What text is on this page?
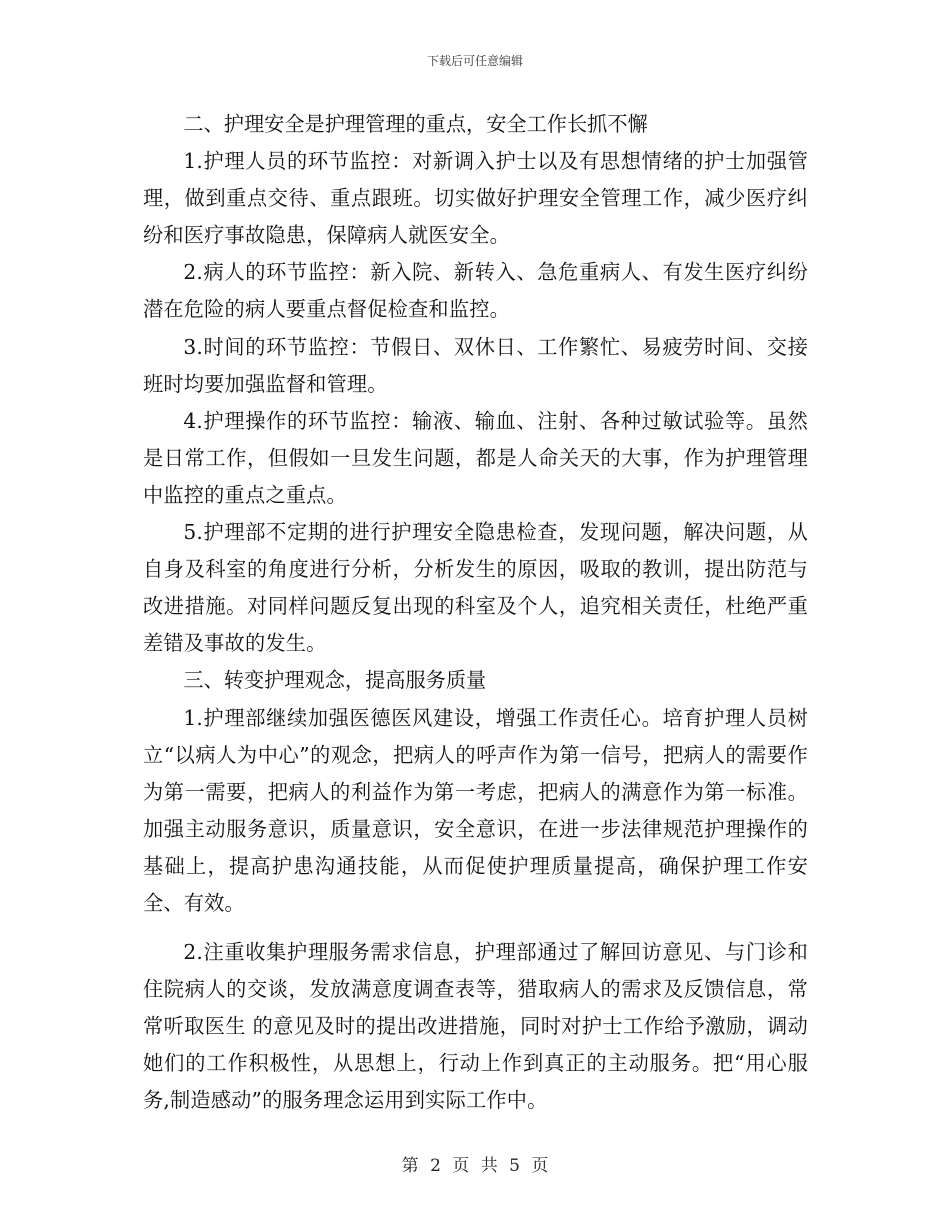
下载后可任意编辑

二、护理安全是护理管理的重点，安全工作长抓不懈

1.护理人员的环节监控：对新调入护士以及有思想情绪的护士加强管理，做到重点交待、重点跟班。切实做好护理安全管理工作，减少医疗纠纷和医疗事故隐患，保障病人就医安全。

2.病人的环节监控：新入院、新转入、急危重病人、有发生医疗纠纷潜在危险的病人要重点督促检查和监控。

3.时间的环节监控：节假日、双休日、工作繁忙、易疲劳时间、交接班时均要加强监督和管理。

4.护理操作的环节监控：输液、输血、注射、各种过敏试验等。虽然是日常工作，但假如一旦发生问题，都是人命关天的大事，作为护理管理中监控的重点之重点。

5.护理部不定期的进行护理安全隐患检查，发现问题，解决问题，从自身及科室的角度进行分析，分析发生的原因，吸取的教训，提出防范与改进措施。对同样问题反复出现的科室及个人，追究相关责任，杜绝严重差错及事故的发生。

三、转变护理观念，提高服务质量

1.护理部继续加强医德医风建设，增强工作责任心。培育护理人员树立“以病人为中心”的观念，把病人的呼声作为第一信号，把病人的需要作为第一需要，把病人的利益作为第一考虑，把病人的满意作为第一标准。加强主动服务意识，质量意识，安全意识，在进一步法律规范护理操作的基础上，提高护患沟通技能，从而促使护理质量提高，确保护理工作安全、有效。

2.注重收集护理服务需求信息，护理部通过了解回访意见、与门诊和住院病人的交谈，发放满意度调查表等，猎取病人的需求及反馈信息，常常听取医生 的意见及时的提出改进措施，同时对护士工作给予激励，调动她们的工作积极性，从思想上，行动上作到真正的主动服务。把“用心服务,制造感动”的服务理念运用到实际工作中。

第 2 页 共 5 页
